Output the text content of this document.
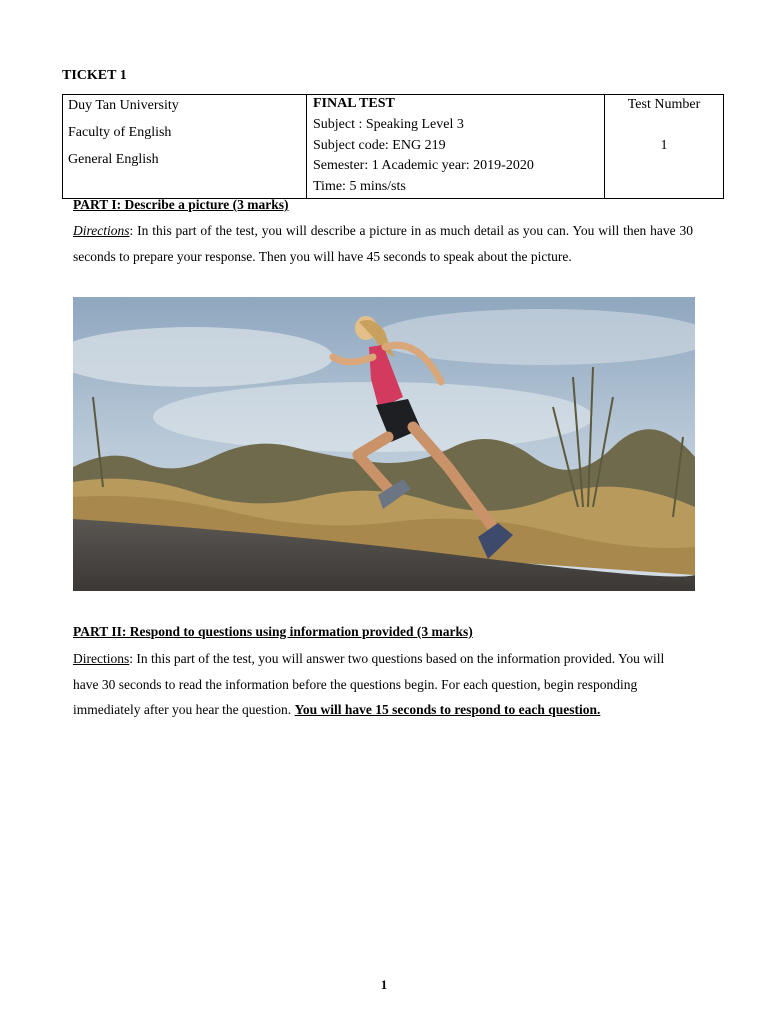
TICKET 1
Duy Tan University
Faculty of English
General English

FINAL TEST
Subject : Speaking Level 3
Subject code: ENG 219
Semester: 1 Academic year: 2019-2020
Time: 5 mins/sts

Test Number
1
PART I: Describe a picture (3 marks)

Directions: In this part of the test, you will describe a picture in as much detail as you can. You will then have 30 seconds to prepare your response. Then you will have 45 seconds to speak about the picture.

PART II: Respond to questions using information provided (3 marks)

Directions: In this part of the test, you will answer two questions based on the information provided. You will have 30 seconds to read the information before the questions begin. For each question, begin responding immediately after you hear the question. You will have 15 seconds to respond to each question.

1
